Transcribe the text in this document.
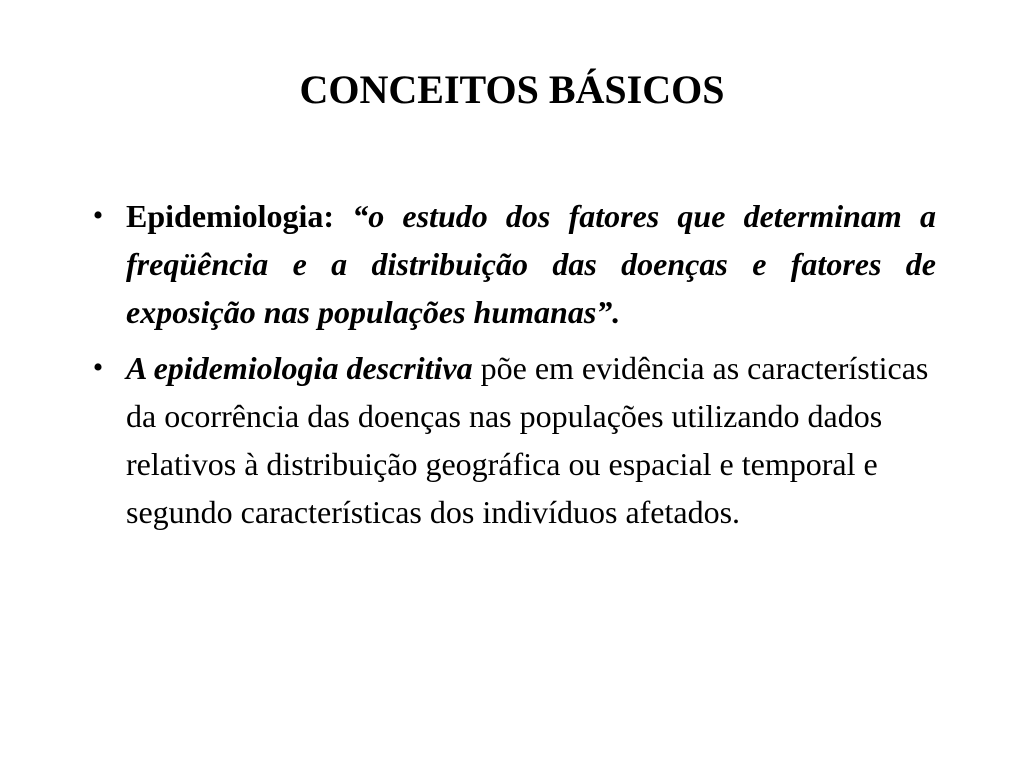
CONCEITOS BÁSICOS
• Epidemiologia: “o estudo dos fatores que determinam a freqüência e a distribuição das doenças e fatores de exposição nas populações humanas”.
• A epidemiologia descritiva põe em evidência as características da ocorrência das doenças nas populações utilizando dados relativos à distribuição geográfica ou espacial e temporal e segundo características dos indivíduos afetados.
